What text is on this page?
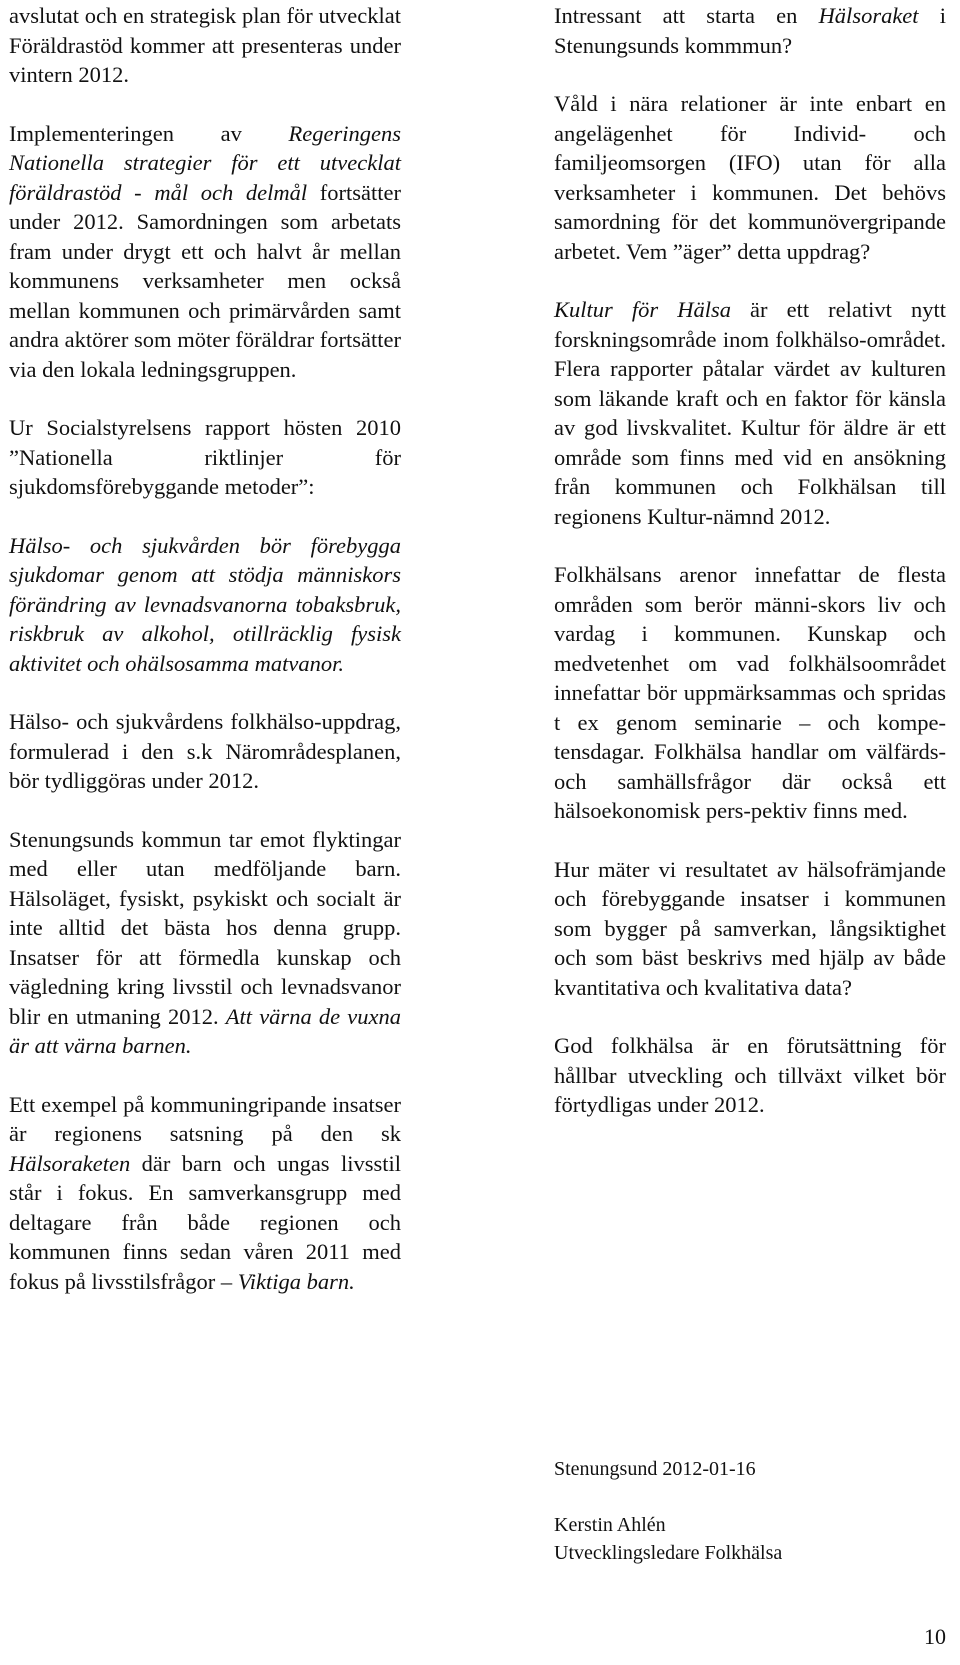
avslutat och en strategisk plan för utvecklat Föräldrastöd kommer att presenteras under vintern 2012.

Implementeringen av Regeringens Nationella strategier för ett utvecklat föräldrastöd - mål och delmål fortsätter under 2012. Samordningen som arbetats fram under drygt ett och halvt år mellan kommunens verksamheter men också mellan kommunen och primärvården samt andra aktörer som möter föräldrar fortsätter via den lokala ledningsgruppen.

Ur Socialstyrelsens rapport hösten 2010 ”Nationella riktlinjer för sjukdomsförebyggande metoder”:

Hälso- och sjukvården bör förebygga sjukdomar genom att stödja människors förändring av levnadsvanorna tobaksbruk, riskbruk av alkohol, otillräcklig fysisk aktivitet och ohälsosamma matvanor.

Hälso- och sjukvårdens folkhälso-uppdrag, formulerad i den s.k Närområdesplanen, bör tydliggöras under 2012.

Stenungsunds kommun tar emot flyktingar med eller utan medföljande barn. Hälsoläget, fysiskt, psykiskt och socialt är inte alltid det bästa hos denna grupp. Insatser för att förmedla kunskap och vägledning kring livsstil och levnadsvanor blir en utmaning 2012. Att värna de vuxna är att värna barnen.

Ett exempel på kommuningripande insatser är regionens satsning på den sk Hälsoraketen där barn och ungas livsstil står i fokus. En samverkansgrupp med deltagare från både regionen och kommunen finns sedan våren 2011 med fokus på livsstilsfrågor – Viktiga barn.

Intressant att starta en Hälsoraket i Stenungsunds kommmun?

Våld i nära relationer är inte enbart en angelägenhet för Individ- och familjeomsorgen (IFO) utan för alla verksamheter i kommunen. Det behövs samordning för det kommunövergripande arbetet. Vem ”äger” detta uppdrag?

Kultur för Hälsa är ett relativt nytt forskningsområde inom folkhälso-området. Flera rapporter påtalar värdet av kulturen som läkande kraft och en faktor för känsla av god livskvalitet. Kultur för äldre är ett område som finns med vid en ansökning från kommunen och Folkhälsan till regionens Kultur-nämnd 2012.

Folkhälsans arenor innefattar de flesta områden som berör männi-skors liv och vardag i kommunen. Kunskap och medvetenhet om vad folkhälsoområdet innefattar bör uppmärksammas och spridas t ex genom seminarie – och kompe-tensdagar. Folkhälsa handlar om välfärds- och samhällsfrågor där också ett hälsoekonomisk pers-pektiv finns med.

Hur mäter vi resultatet av hälsofrämjande och förebyggande insatser i kommunen som bygger på samverkan, långsiktighet och som bäst beskrivs med hjälp av både kvantitativa och kvalitativa data?

God folkhälsa är en förutsättning för hållbar utveckling och tillväxt vilket bör förtydligas under 2012.

Stenungsund 2012-01-16
Kerstin Ahlén
Utvecklingsledare Folkhälsa
10
